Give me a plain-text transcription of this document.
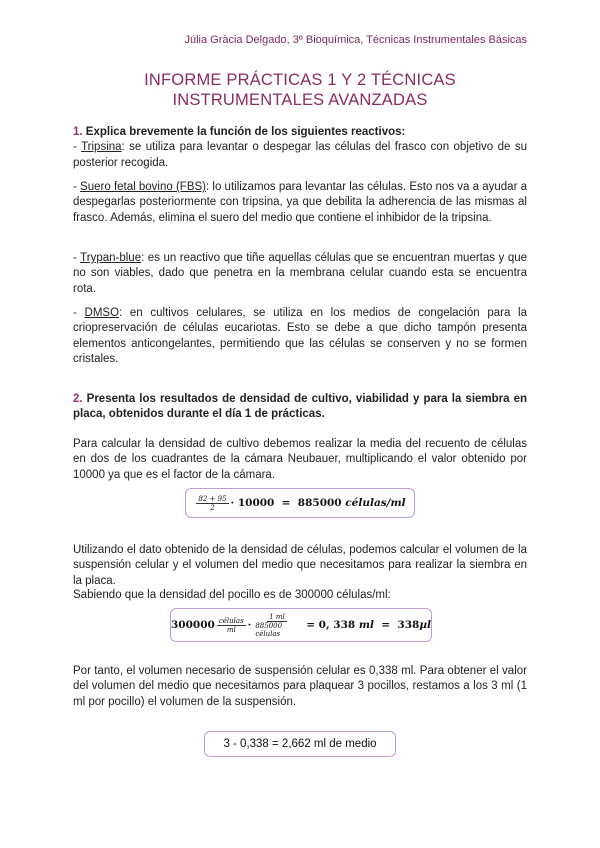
Júlia Gràcia Delgado, 3º Bioquímica, Técnicas Instrumentales Básicas
INFORME PRÁCTICAS 1 Y 2 TÉCNICAS INSTRUMENTALES AVANZADAS

1. Explica brevemente la función de los siguientes reactivos:

- Tripsina: se utiliza para levantar o despegar las células del frasco con objetivo de su posterior recogida.

- Suero fetal bovino (FBS): lo utilizamos para levantar las células. Esto nos va a ayudar a despegarlas posteriormente con tripsina, ya que debilita la adherencia de las mismas al frasco. Además, elimina el suero del medio que contiene el inhibidor de la tripsina.

- Trypan-blue: es un reactivo que tiñe aquellas células que se encuentran muertas y que no son viables, dado que penetra en la membrana celular cuando esta se encuentra rota.

- DMSO: en cultivos celulares, se utiliza en los medios de congelación para la criopreservación de células eucariotas. Esto se debe a que dicho tampón presenta elementos anticongelantes, permitiendo que las células se conserven y no se formen cristales.

2. Presenta los resultados de densidad de cultivo, viabilidad y para la siembra en placa, obtenidos durante el día 1 de prácticas.

Para calcular la densidad de cultivo debemos realizar la media del recuento de células en dos de los cuadrantes de la cámara Neubauer, multiplicando el valor obtenido por 10000 ya que es el factor de la cámara.
$\frac{82 + 95}{2} \cdot 10000 = 885000$ células/ml
Utilizando el dato obtenido de la densidad de células, podemos calcular el volumen de la suspensión celular y el volumen del medio que necesitamos para realizar la siembra en la placa.
Sabiendo que la densidad del pocillo es de 300000 células/ml:
$300000 \frac{\text{células}}{ml} \cdot \frac{1 ml}{\text{885000 células}} = 0$, 338 ml =  338 µl
Por tanto, el volumen necesario de suspensión celular es 0,338 ml. Para obtener el valor del volumen del medio que necesitamos para plaquear 3 pocillos, restamos a los 3 ml (1 ml por pocillo) el volumen de la suspensión.
3 - 0,338 = 2,662 ml de medio
